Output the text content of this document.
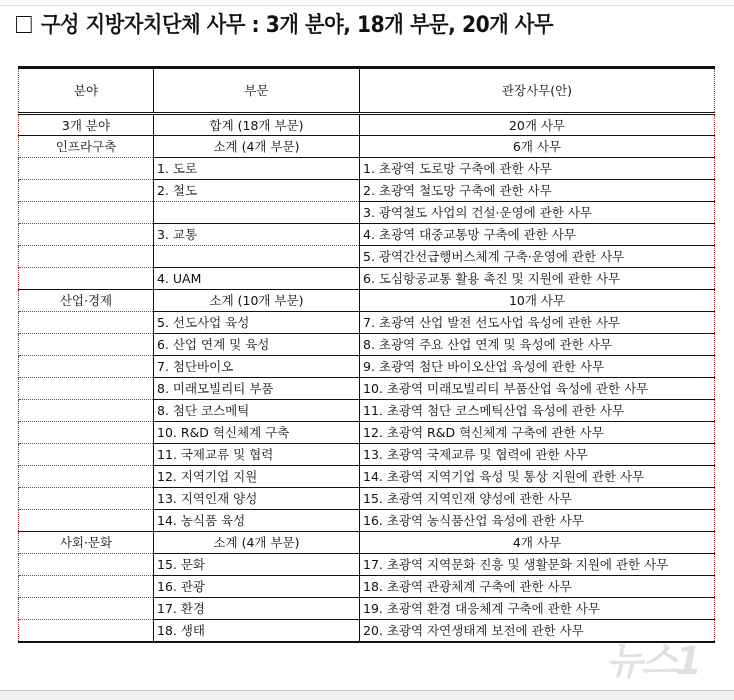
구성 지방자치단체 사무 : 3개 분야, 18개 부문, 20개 사무
분야	부문	관장사무(안)
3개 분야	합계 (18개 부문)	20개 사무
인프라구축	소계 (4개 부문)	6개 사무
	1. 도로	1. 초광역 도로망 구축에 관한 사무
	2. 철도	2. 초광역 철도망 구축에 관한 사무
		3. 광역철도 사업의 건설·운영에 관한 사무
	3. 교통	4. 초광역 대중교통망 구축에 관한 사무
		5. 광역간선급행버스체계 구축·운영에 관한 사무
	4. UAM	6. 도심항공교통 활용 촉진 및 지원에 관한 사무
산업·경제	소계 (10개 부문)	10개 사무
	5. 선도사업 육성	7. 초광역 산업 발전 선도사업 육성에 관한 사무
	6. 산업 연계 및 육성	8. 초광역 주요 산업 연계 및 육성에 관한 사무
	7. 첨단바이오	9. 초광역 첨단 바이오산업 육성에 관한 사무
	8. 미래모빌리티 부품	10. 초광역 미래모빌리티 부품산업 육성에 관한 사무
	8. 첨단 코스메틱	11. 초광역 첨단 코스메틱산업 육성에 관한 사무
	10. R&D 혁신체계 구축	12. 초광역 R&D 혁신체계 구축에 관한 사무
	11. 국제교류 및 협력	13. 초광역 국제교류 및 협력에 관한 사무
	12. 지역기업 지원	14. 초광역 지역기업 육성 및 통상 지원에 관한 사무
	13. 지역인재 양성	15. 초광역 지역인재 양성에 관한 사무
	14. 농식품 육성	16. 초광역 농식품산업 육성에 관한 사무
사회·문화	소계 (4개 부문)	4개 사무
	15. 문화	17. 초광역 지역문화 진흥 및 생활문화 지원에 관한 사무
	16. 관광	18. 초광역 관광체계 구축에 관한 사무
	17. 환경	19. 초광역 환경 대응체계 구축에 관한 사무
	18. 생태	20. 초광역 자연생태계 보전에 관한 사무
뉴스1
